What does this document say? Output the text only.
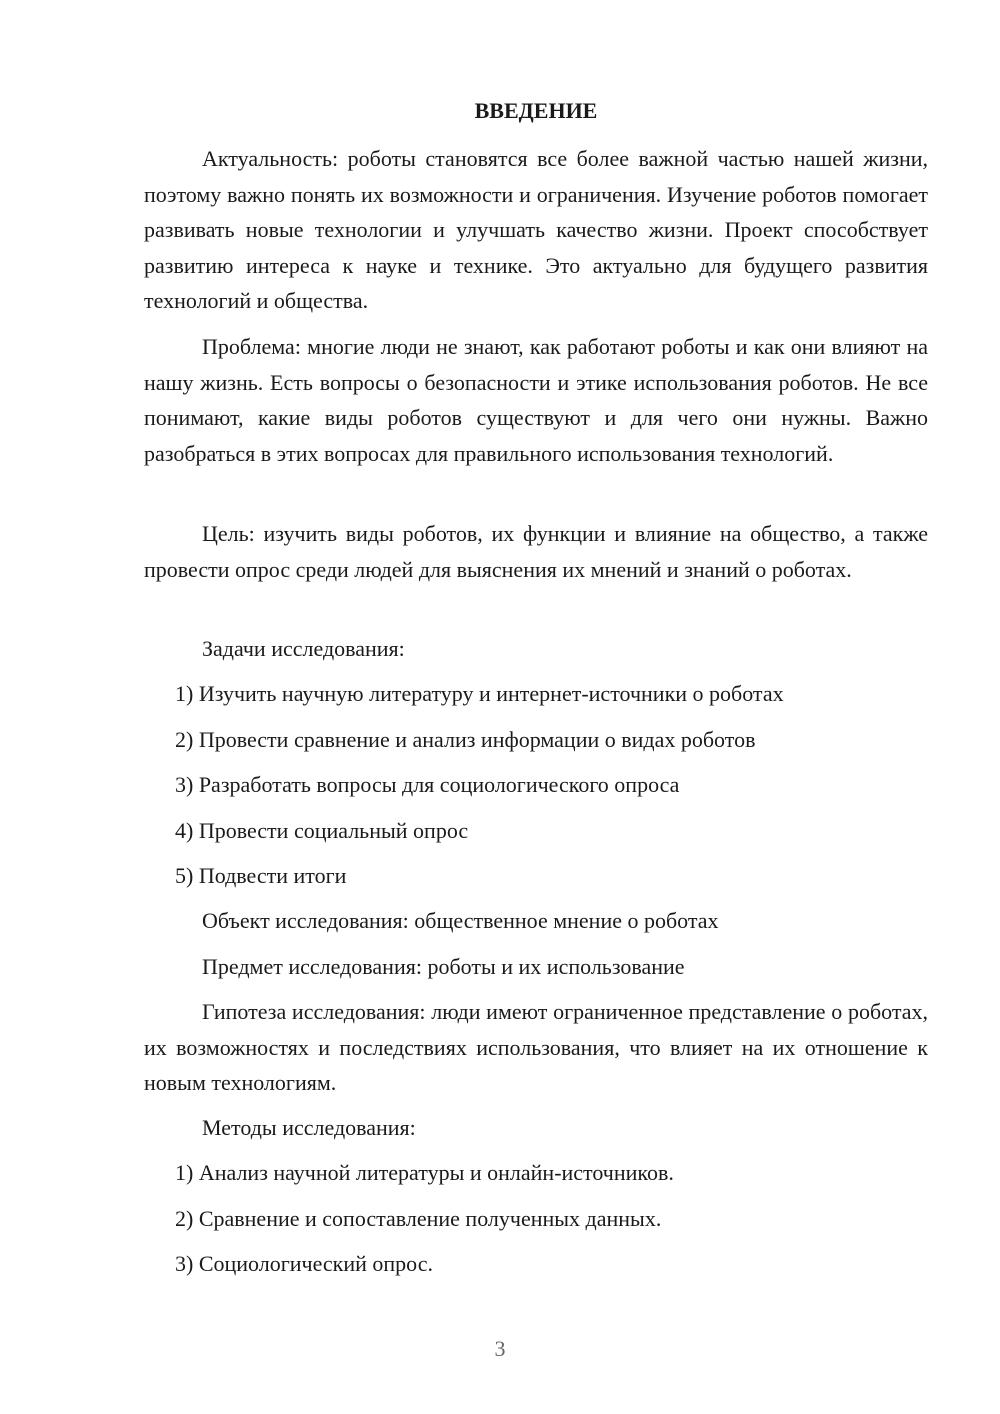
ВВЕДЕНИЕ

Актуальность: роботы становятся все более важной частью нашей жизни, поэтому важно понять их возможности и ограничения. Изучение роботов помогает развивать новые технологии и улучшать качество жизни. Проект способствует развитию интереса к науке и технике. Это актуально для будущего развития технологий и общества.

Проблема: многие люди не знают, как работают роботы и как они влияют на нашу жизнь. Есть вопросы о безопасности и этике использования роботов. Не все понимают, какие виды роботов существуют и для чего они нужны. Важно разобраться в этих вопросах для правильного использования технологий.

Цель: изучить виды роботов, их функции и влияние на общество, а также провести опрос среди людей для выяснения их мнений и знаний о роботах.

Задачи исследования:
1) Изучить научную литературу и интернет-источники о роботах
2) Провести сравнение и анализ информации о видах роботов
3) Разработать вопросы для социологического опроса
4) Провести социальный опрос
5) Подвести итоги
Объект исследования: общественное мнение о роботах
Предмет исследования: роботы и их использование

Гипотеза исследования: люди имеют ограниченное представление о роботах, их возможностях и последствиях использования, что влияет на их отношение к новым технологиям.

Методы исследования:
1) Анализ научной литературы и онлайн-источников.
2) Сравнение и сопоставление полученных данных.
3) Социологический опрос.
3
